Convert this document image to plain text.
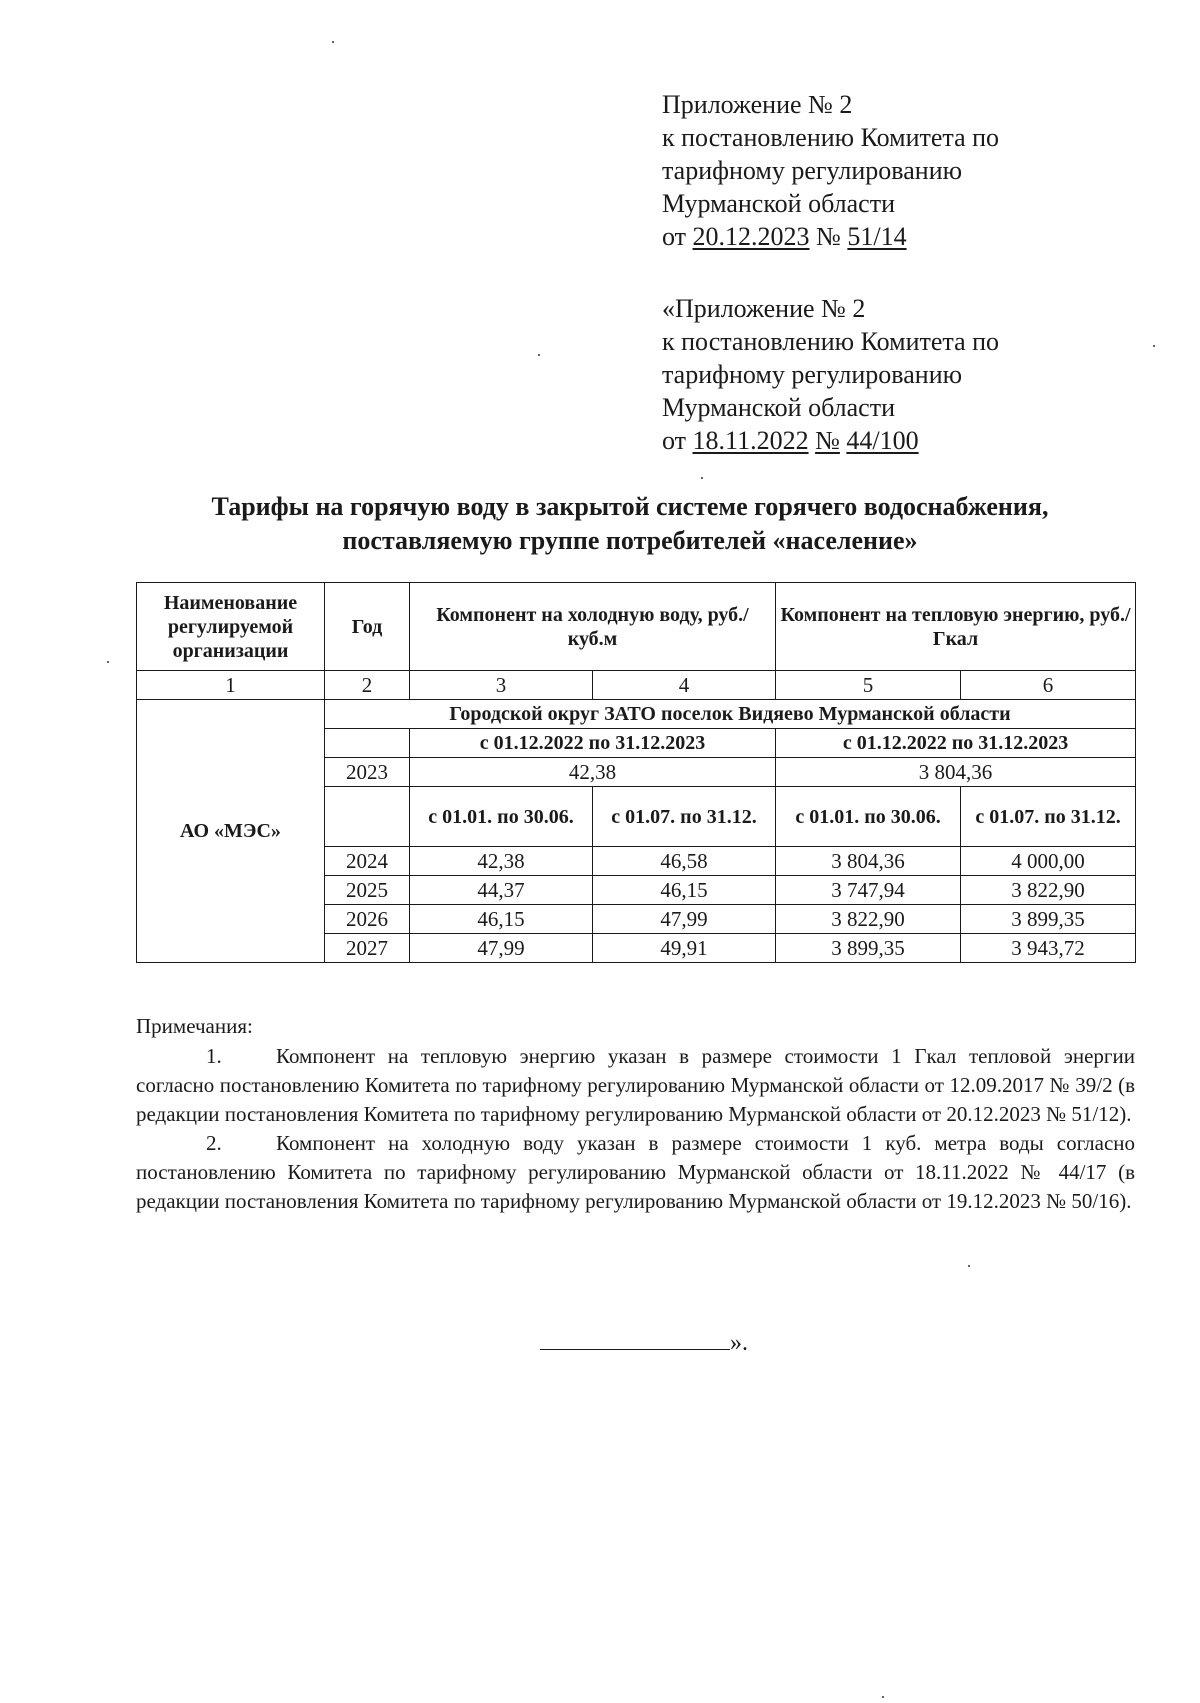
Приложение № 2
к постановлению Комитета по
тарифному регулированию
Мурманской области
от 20.12.2023 № 51/14
«Приложение № 2
к постановлению Комитета по
тарифному регулированию
Мурманской области
от 18.11.2022 № 44/100
Тарифы на горячую воду в закрытой системе горячего водоснабжения,
поставляемую группе потребителей «население»
Наименование регулируемой организации	Год	Компонент на холодную воду, руб./куб.м		Компонент на тепловую энергию, руб./Гкал	
1	2	3	4	5	6
АО «МЭС»	Городской округ ЗАТО поселок Видяево Мурманской области				
		с 01.12.2022 по 31.12.2023		с 01.12.2022 по 31.12.2023	
	2023	42,38		3 804,36	
		с 01.01. по 30.06.	с 01.07. по 31.12.	с 01.01. по 30.06.	с 01.07. по 31.12.
	2024	42,38	46,58	3 804,36	4 000,00
	2025	44,37	46,15	3 747,94	3 822,90
	2026	46,15	47,99	3 822,90	3 899,35
	2027	47,99	49,91	3 899,35	3 943,72

Примечания:

1.	Компонент на тепловую энергию указан в размере стоимости 1 Гкал тепловой энергии согласно постановлению Комитета по тарифному регулированию Мурманской области от 12.09.2017 № 39/2 (в редакции постановления Комитета по тарифному регулированию Мурманской области от 20.12.2023 № 51/12).

2.	Компонент на холодную воду указан в размере стоимости 1 куб. метра воды согласно постановлению Комитета по тарифному регулированию Мурманской области от 18.11.2022 № 44/17 (в редакции постановления Комитета по тарифному регулированию Мурманской области от 19.12.2023 № 50/16).

».
